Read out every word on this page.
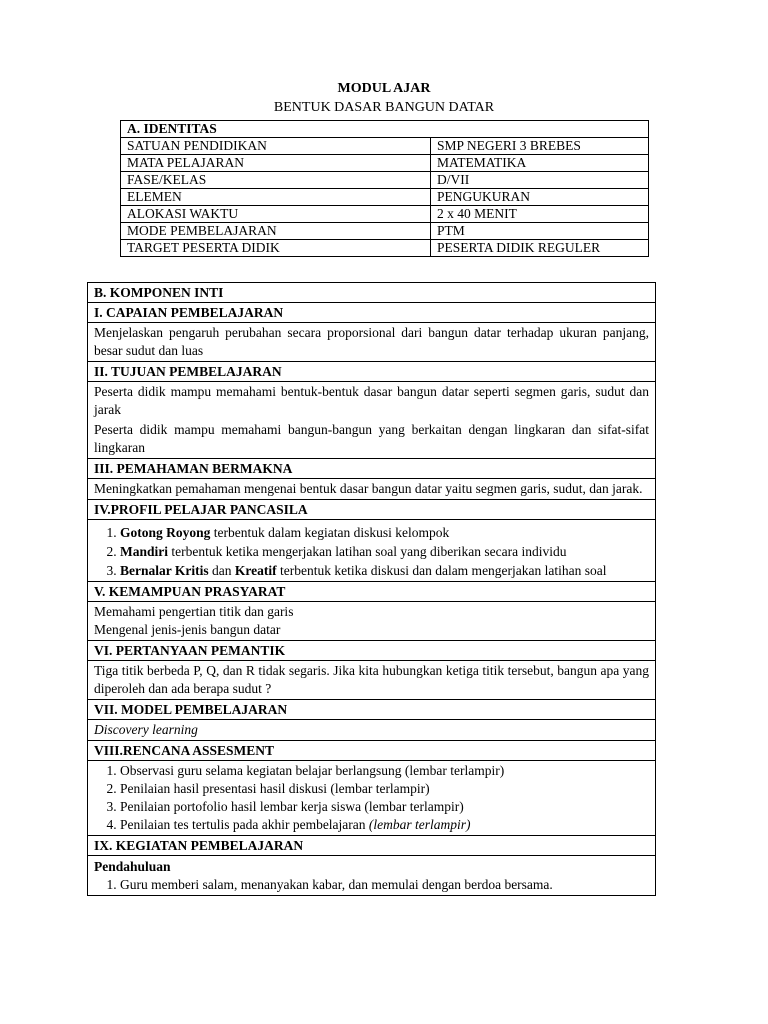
MODUL AJAR
BENTUK DASAR BANGUN DATAR
A. IDENTITAS	
SATUAN PENDIDIKAN	SMP NEGERI 3 BREBES
MATA PELAJARAN	MATEMATIKA
FASE/KELAS	D/VII
ELEMEN	PENGUKURAN
ALOKASI WAKTU	2 x 40 MENIT
MODE PEMBELAJARAN	PTM
TARGET PESERTA DIDIK	PESERTA DIDIK REGULER
B. KOMPONEN INTI
I. CAPAIAN PEMBELAJARAN
Menjelaskan pengaruh perubahan secara proporsional dari bangun datar terhadap ukuran panjang, besar sudut dan luas
II. TUJUAN PEMBELAJARAN

Peserta didik mampu memahami bentuk-bentuk dasar bangun datar seperti segmen garis, sudut dan jarak
Peserta didik mampu memahami bangun-bangun yang berkaitan dengan lingkaran dan sifat-sifat lingkaran

III. PEMAHAMAN BERMAKNA
Meningkatkan pemahaman mengenai bentuk dasar bangun datar yaitu segmen garis, sudut, dan jarak.
IV.PROFIL PELAJAR PANCASILA

1. Gotong Royong terbentuk dalam kegiatan diskusi kelompok
2. Mandiri terbentuk ketika mengerjakan latihan soal yang diberikan secara individu
3. Bernalar Kritis dan Kreatif terbentuk ketika diskusi dan dalam mengerjakan latihan soal

V. KEMAMPUAN PRASYARAT

Memahami pengertian titik dan garis
Mengenal jenis-jenis bangun datar

VI. PERTANYAAN PEMANTIK
Tiga titik berbeda P, Q, dan R tidak segaris. Jika kita hubungkan ketiga titik tersebut, bangun apa yang diperoleh dan ada berapa sudut ?
VII. MODEL PEMBELAJARAN
Discovery learning
VIII.RENCANA ASSESMENT

1. Observasi guru selama kegiatan belajar berlangsung (lembar terlampir)
2. Penilaian hasil presentasi hasil diskusi (lembar terlampir)
3. Penilaian portofolio hasil lembar kerja siswa (lembar terlampir)
4. Penilaian tes tertulis pada akhir pembelajaran (lembar terlampir)

IX. KEGIATAN PEMBELAJARAN

Pendahuluan
1. Guru memberi salam, menanyakan kabar, dan memulai dengan berdoa bersama.
